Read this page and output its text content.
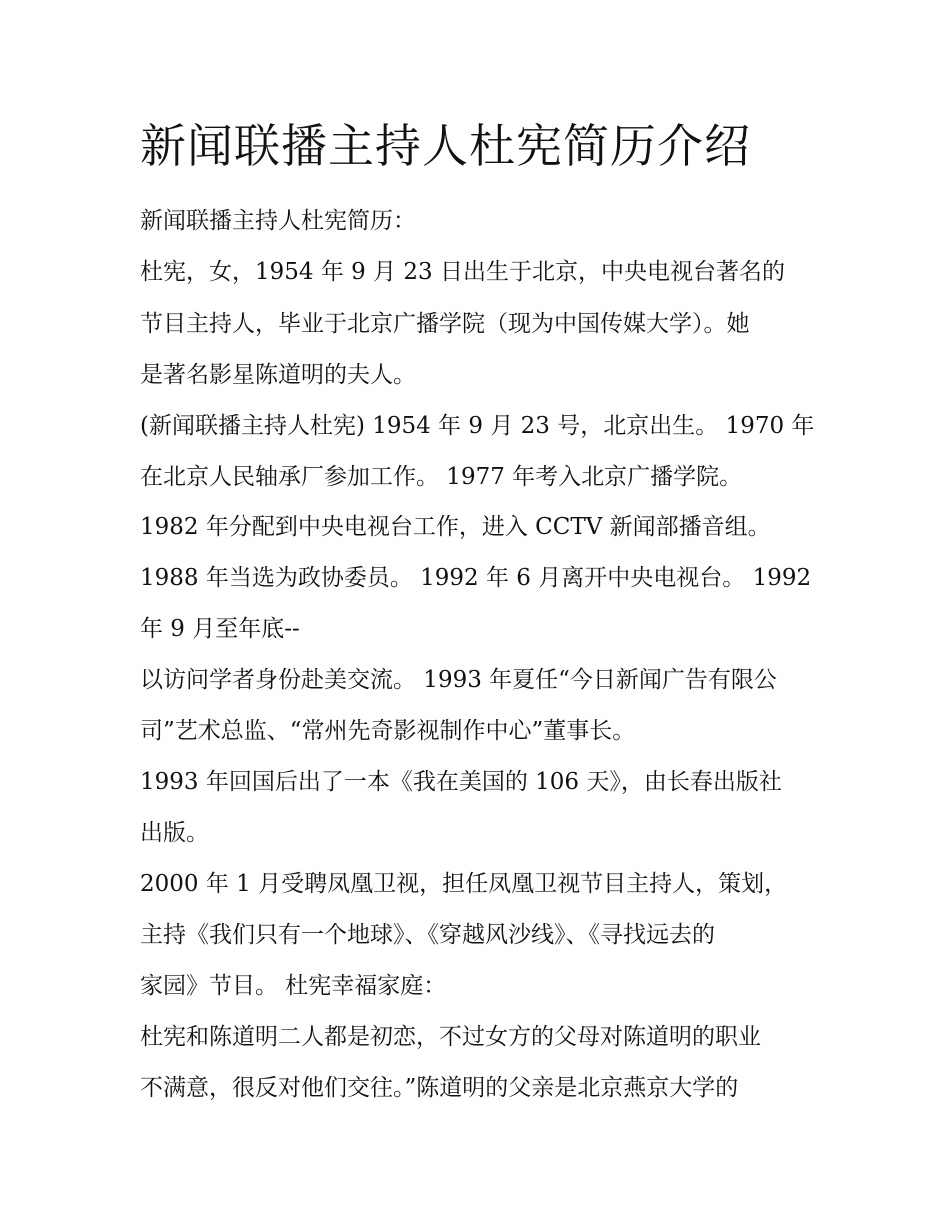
新闻联播主持人杜宪简历介绍

新闻联播主持人杜宪简历：

杜宪，女，1954 年 9 月 23 日出生于北京，中央电视台著名的

节目主持人，毕业于北京广播学院（现为中国传媒大学）。她

是著名影星陈道明的夫人。

(新闻联播主持人杜宪) 1954 年 9 月 23 号，北京出生。 1970 年

在北京人民轴承厂参加工作。 1977 年考入北京广播学院。

1982 年分配到中央电视台工作，进入 CCTV 新闻部播音组。

1988 年当选为政协委员。 1992 年 6 月离开中央电视台。 1992

年 9 月至年底--

以访问学者身份赴美交流。 1993 年夏任“今日新闻广告有限公

司”艺术总监、“常州先奇影视制作中心”董事长。

1993 年回国后出了一本《我在美国的 106 天》，由长春出版社

出版。

2000 年 1 月受聘凤凰卫视，担任凤凰卫视节目主持人，策划，

主持《我们只有一个地球》、《穿越风沙线》、《寻找远去的

家园》节目。 杜宪幸福家庭：

杜宪和陈道明二人都是初恋，不过女方的父母对陈道明的职业

不满意，很反对他们交往。”陈道明的父亲是北京燕京大学的
